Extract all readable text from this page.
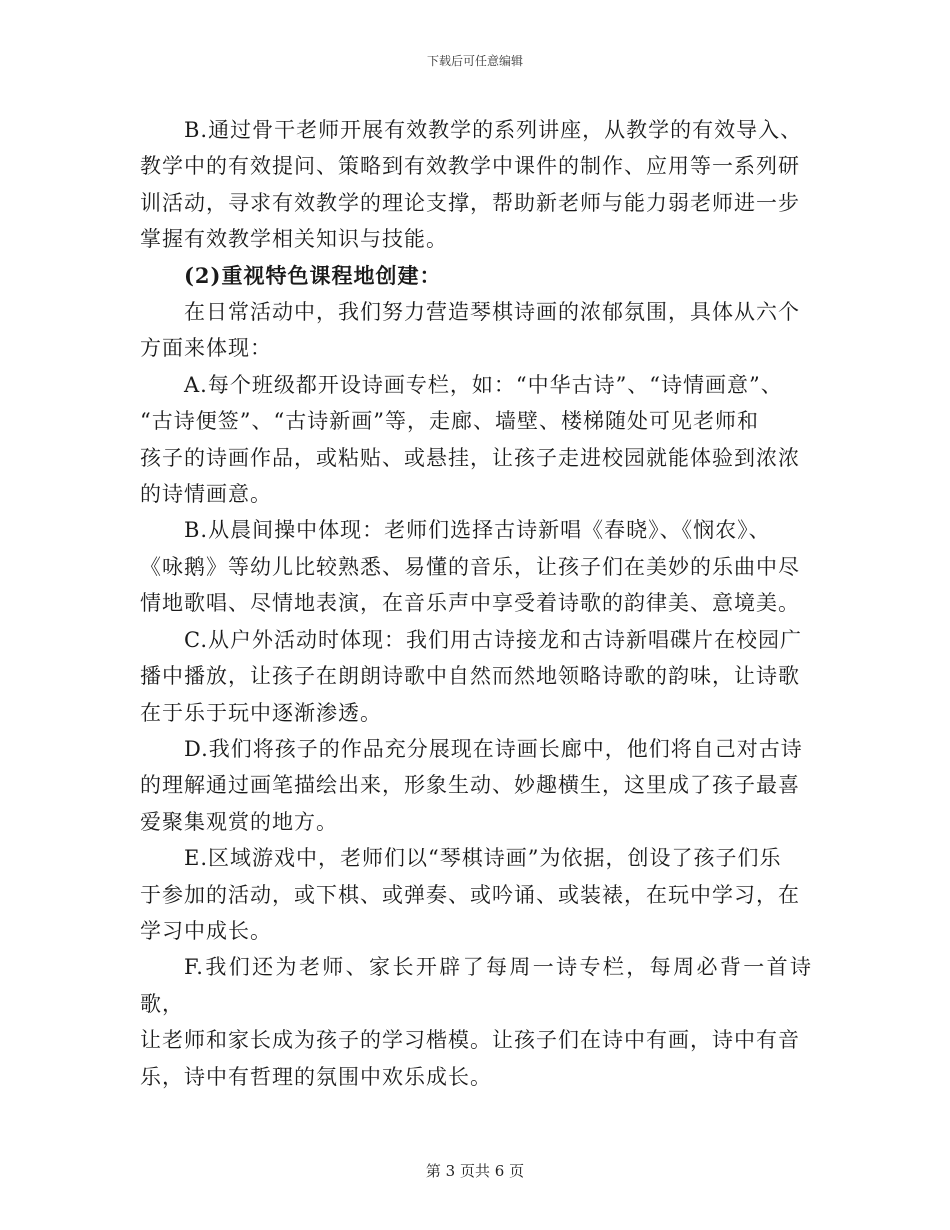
下载后可任意编辑

B.通过骨干老师开展有效教学的系列讲座，从教学的有效导入、
教学中的有效提问、策略到有效教学中课件的制作、应用等一系列研
训活动，寻求有效教学的理论支撑，帮助新老师与能力弱老师进一步
掌握有效教学相关知识与技能。

(2)重视特色课程地创建：

在日常活动中，我们努力营造琴棋诗画的浓郁氛围，具体从六个
方面来体现：

A.每个班级都开设诗画专栏，如：“中华古诗”、“诗情画意”、
“古诗便签”、“古诗新画”等，走廊、墙壁、楼梯随处可见老师和
孩子的诗画作品，或粘贴、或悬挂，让孩子走进校园就能体验到浓浓
的诗情画意。

B.从晨间操中体现：老师们选择古诗新唱《春晓》、《悯农》、
《咏鹅》等幼儿比较熟悉、易懂的音乐，让孩子们在美妙的乐曲中尽
情地歌唱、尽情地表演，在音乐声中享受着诗歌的韵律美、意境美。

C.从户外活动时体现：我们用古诗接龙和古诗新唱碟片在校园广
播中播放，让孩子在朗朗诗歌中自然而然地领略诗歌的韵味，让诗歌
在于乐于玩中逐渐渗透。

D.我们将孩子的作品充分展现在诗画长廊中，他们将自己对古诗
的理解通过画笔描绘出来，形象生动、妙趣横生，这里成了孩子最喜
爱聚集观赏的地方。

E.区域游戏中，老师们以“琴棋诗画”为依据，创设了孩子们乐
于参加的活动，或下棋、或弹奏、或吟诵、或装裱，在玩中学习，在
学习中成长。

F.我们还为老师、家长开辟了每周一诗专栏，每周必背一首诗歌，
让老师和家长成为孩子的学习楷模。让孩子们在诗中有画，诗中有音
乐，诗中有哲理的氛围中欢乐成长。

第 3 页共 6 页
